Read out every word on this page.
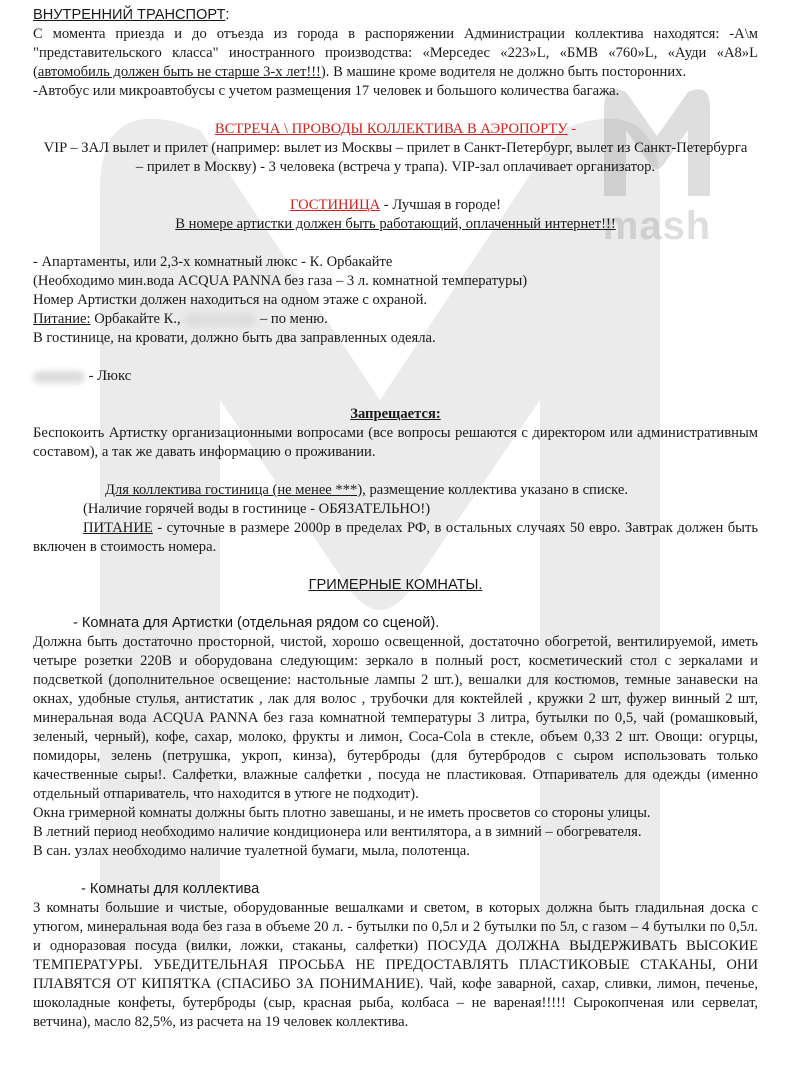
mash

ВНУТРЕННИЙ ТРАНСПОРТ:

С момента приезда и до отъезда из города в распоряжении Администрации коллектива находятся: -А\м "представительского класса" иностранного производства: «Мерседес «223»L, «БМВ «760»L, «Ауди «А8»L (автомобиль должен быть не старше 3-х лет!!!). В машине кроме водителя не должно быть посторонних.

-Автобус или микроавтобусы с учетом размещения 17 человек и большого количества багажа.

ВСТРЕЧА \ ПРОВОДЫ КОЛЛЕКТИВА В АЭРОПОРТУ -

VIP – ЗАЛ вылет и прилет (например: вылет из Москвы – прилет в Санкт-Петербург, вылет из Санкт-Петербурга – прилет в Москву) - 3 человека (встреча у трапа). VIP-зал оплачивает организатор.

ГОСТИНИЦА - Лучшая в городе!

В номере артистки должен быть работающий, оплаченный интернет!!!

- Апартаменты, или 2,3-х комнатный люкс - К. Орбакайте

(Необходимо мин.вода ACQUA PANNA без газа – 3 л. комнатной температуры)

Номер Артистки должен находиться на одном этаже с охраной.

Питание: Орбакайте К.,	– по меню.

В гостинице, на кровати, должно быть два заправленных одеяла.

- Люкс

Запрещается:

Беспокоить Артистку организационными вопросами (все вопросы решаются с директором или административным составом), а так же давать информацию о проживании.

Для коллектива гостиница (не менее ***), размещение коллектива указано в списке.

(Наличие горячей воды в гостинице - ОБЯЗАТЕЛЬНО!)

ПИТАНИЕ - суточные в размере 2000р в пределах РФ, в остальных случаях 50 евро. Завтрак должен быть включен в стоимость номера.

ГРИМЕРНЫЕ КОМНАТЫ.

- Комната для Артистки (отдельная рядом со сценой).

Должна быть достаточно просторной, чистой, хорошо освещенной, достаточно обогретой, вентилируемой, иметь четыре розетки 220В и оборудована следующим: зеркало в полный рост, косметический стол с зеркалами и подсветкой (дополнительное освещение: настольные лампы 2 шт.), вешалки для костюмов, темные занавески на окнах, удобные стулья, антистатик , лак для волос , трубочки для коктейлей , кружки 2 шт, фужер винный 2 шт, минеральная вода ACQUA PANNA без газа комнатной температуры 3 литра, бутылки по 0,5, чай (ромашковый, зеленый, черный), кофе, сахар, молоко, фрукты и лимон, Coca-Cola в стекле, объем 0,33 2 шт. Овощи: огурцы, помидоры, зелень (петрушка, укроп, кинза), бутерброды (для бутербродов с сыром использовать только качественные сыры!. Салфетки, влажные салфетки , посуда не пластиковая. Отпариватель для одежды (именно отдельный отпариватель, что находится в утюге не подходит).

Окна гримерной комнаты должны быть плотно завешаны, и не иметь просветов со стороны улицы.

В летний период необходимо наличие кондиционера или вентилятора, а в зимний – обогревателя.

В сан. узлах необходимо наличие туалетной бумаги, мыла, полотенца.

- Комнаты для коллектива

3 комнаты большие и чистые, оборудованные вешалками и светом, в которых должна быть гладильная доска с утюгом, минеральная вода без газа в объеме 20 л. - бутылки по 0,5л и 2 бутылки по 5л, с газом – 4 бутылки по 0,5л. и одноразовая посуда (вилки, ложки, стаканы, салфетки) ПОСУДА ДОЛЖНА ВЫДЕРЖИВАТЬ ВЫСОКИЕ ТЕМПЕРАТУРЫ. УБЕДИТЕЛЬНАЯ ПРОСЬБА НЕ ПРЕДОСТАВЛЯТЬ ПЛАСТИКОВЫЕ СТАКАНЫ, ОНИ ПЛАВЯТСЯ ОТ КИПЯТКА (СПАСИБО ЗА ПОНИМАНИЕ). Чай, кофе заварной, сахар, сливки, лимон, печенье, шоколадные конфеты, бутерброды (сыр, красная рыба, колбаса – не вареная!!!!! Сырокопченая или сервелат, ветчина), масло 82,5%, из расчета на 19 человек коллектива.
